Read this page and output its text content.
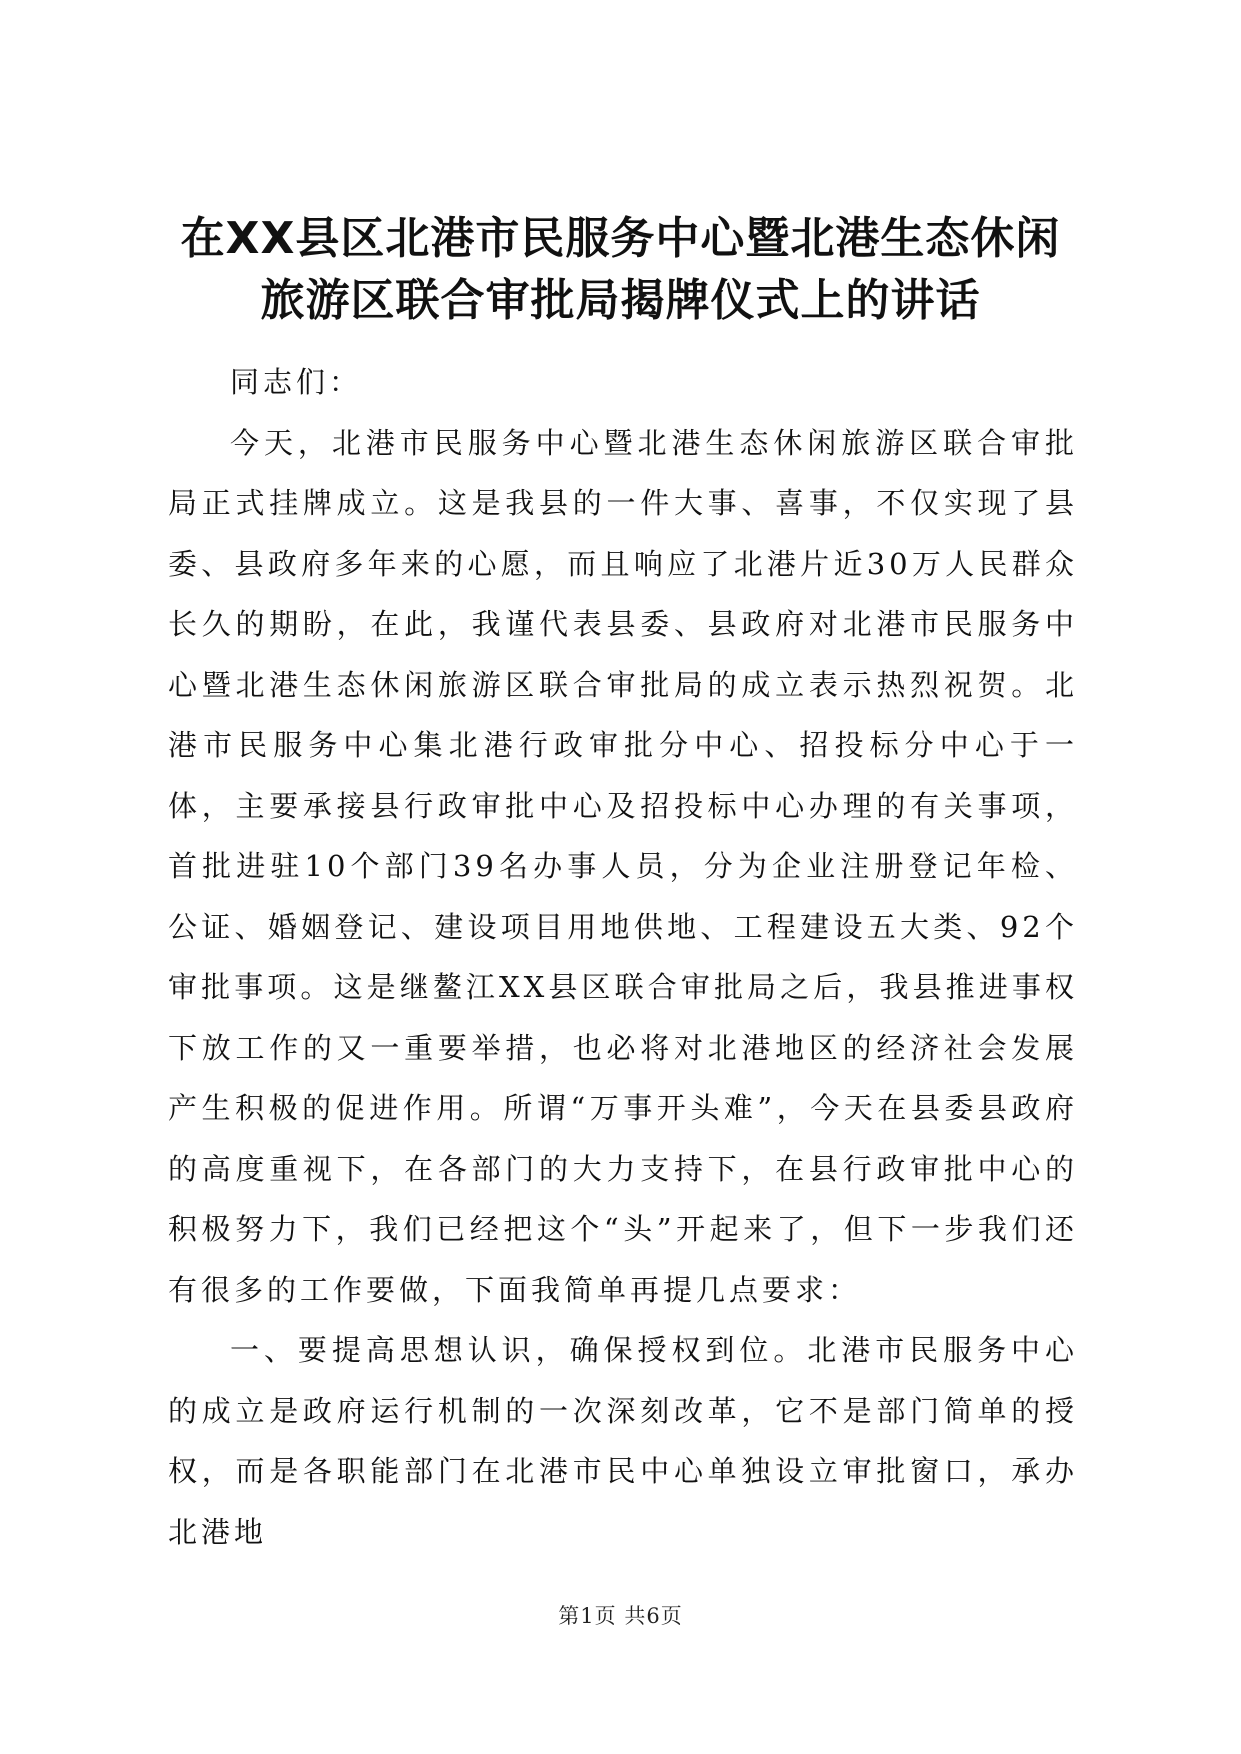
在XX县区北港市民服务中心暨北港生态休闲
旅游区联合审批局揭牌仪式上的讲话

同志们：

今天，北港市民服务中心暨北港生态休闲旅游区联合审批局正式挂牌成立。这是我县的一件大事、喜事，不仅实现了县委、县政府多年来的心愿，而且响应了北港片近30万人民群众长久的期盼，在此，我谨代表县委、县政府对北港市民服务中心暨北港生态休闲旅游区联合审批局的成立表示热烈祝贺。北港市民服务中心集北港行政审批分中心、招投标分中心于一体，主要承接县行政审批中心及招投标中心办理的有关事项，首批进驻10个部门39名办事人员，分为企业注册登记年检、公证、婚姻登记、建设项目用地供地、工程建设五大类、92个审批事项。这是继鳌江XX县区联合审批局之后，我县推进事权下放工作的又一重要举措，也必将对北港地区的经济社会发展产生积极的促进作用。所谓“万事开头难”，今天在县委县政府的高度重视下，在各部门的大力支持下，在县行政审批中心的积极努力下，我们已经把这个“头”开起来了，但下一步我们还有很多的工作要做，下面我简单再提几点要求：

一、要提高思想认识，确保授权到位。北港市民服务中心的成立是政府运行机制的一次深刻改革，它不是部门简单的授权，而是各职能部门在北港市民中心单独设立审批窗口，承办北港地

第1页 共6页
